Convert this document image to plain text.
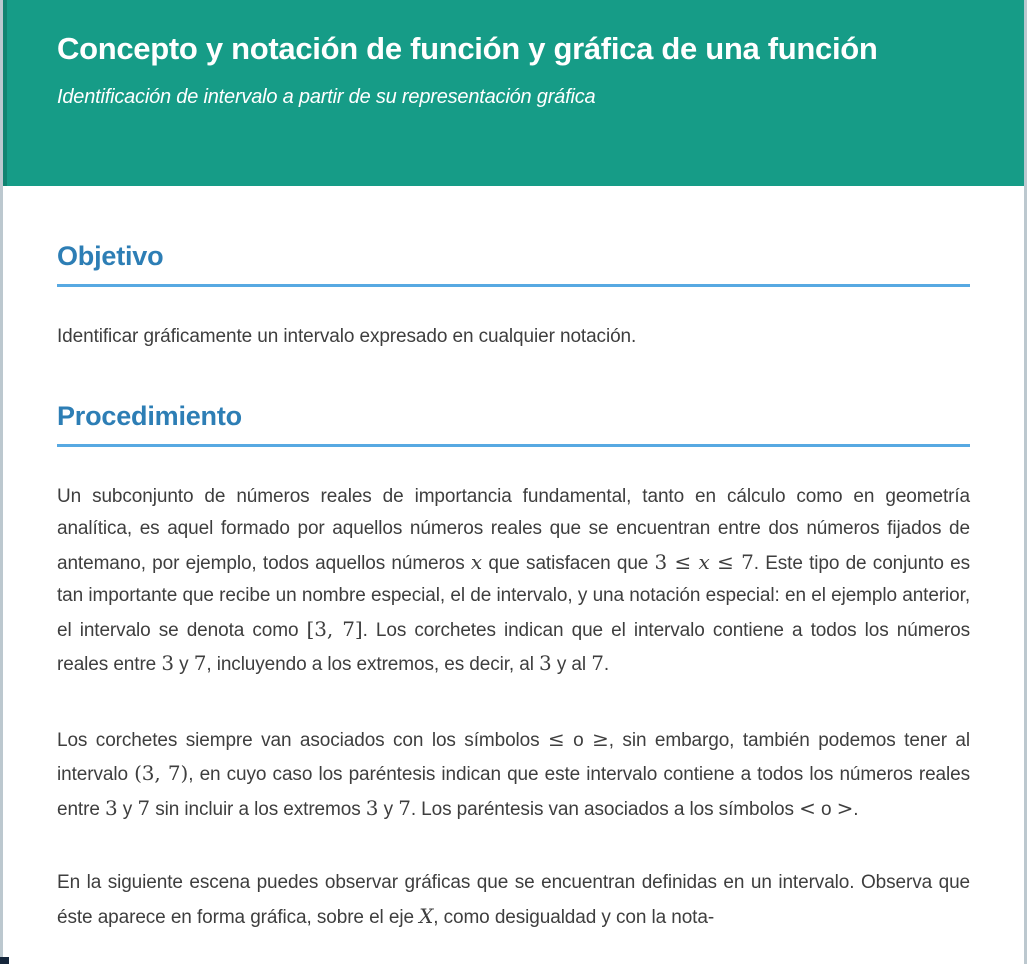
Concepto y notación de función y gráfica de una función

Identificación de intervalo a partir de su representación gráfica

Objetivo

Identificar gráficamente un intervalo expresado en cualquier notación.

Procedimiento

Un subconjunto de números reales de importancia fundamental, tanto en cálculo como en geometría analítica, es aquel formado por aquellos números reales que se encuentran entre dos números fijados de antemano, por ejemplo, todos aquellos números x que satisfacen que 3 ≤ x ≤ 7. Este tipo de conjunto es tan importante que recibe un nombre especial, el de intervalo, y una notación especial: en el ejemplo anterior, el intervalo se denota como [3, 7]. Los corchetes indican que el intervalo contiene a todos los números reales entre 3 y 7, incluyendo a los extremos, es decir, al 3 y al 7.

Los corchetes siempre van asociados con los símbolos ≤ o ≥, sin embargo, también podemos tener al intervalo (3, 7), en cuyo caso los paréntesis indican que este intervalo contiene a todos los números reales entre 3 y 7 sin incluir a los extremos 3 y 7. Los paréntesis van asociados a los símbolos < o >.

En la siguiente escena puedes observar gráficas que se encuentran definidas en un intervalo. Observa que éste aparece en forma gráfica, sobre el eje X, como desigualdad y con la nota-
